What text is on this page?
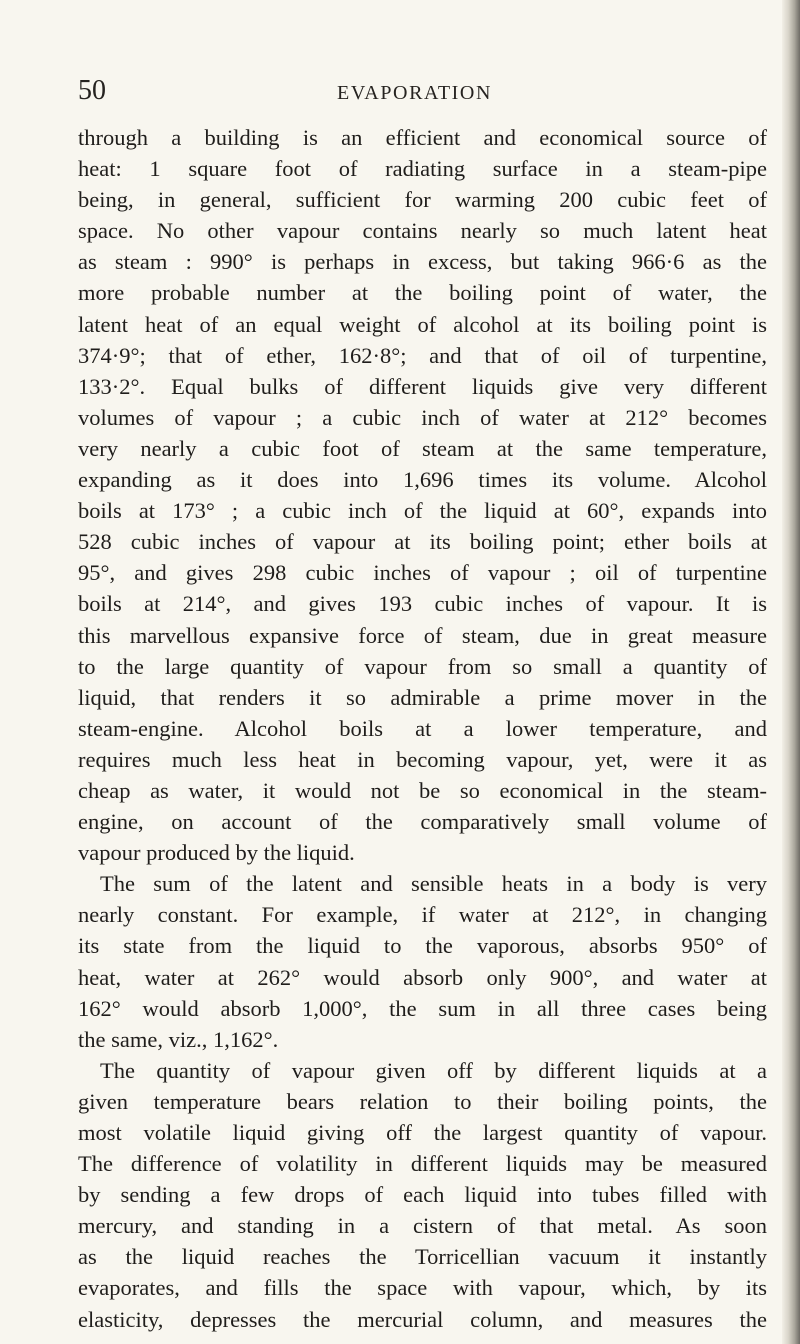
50	EVAPORATION
through a building is an efficient and economical source of
heat: 1 square foot of radiating surface in a steam-pipe
being, in general, sufficient for warming 200 cubic feet of
space. No other vapour contains nearly so much latent heat
as steam : 990° is perhaps in excess, but taking 966·6 as the
more probable number at the boiling point of water, the
latent heat of an equal weight of alcohol at its boiling point is
374·9°; that of ether, 162·8°; and that of oil of turpentine,
133·2°. Equal bulks of different liquids give very different
volumes of vapour ; a cubic inch of water at 212° becomes
very nearly a cubic foot of steam at the same temperature,
expanding as it does into 1,696 times its volume. Alcohol
boils at 173° ; a cubic inch of the liquid at 60°, expands into
528 cubic inches of vapour at its boiling point; ether boils at
95°, and gives 298 cubic inches of vapour ; oil of turpentine
boils at 214°, and gives 193 cubic inches of vapour. It is
this marvellous expansive force of steam, due in great measure
to the large quantity of vapour from so small a quantity of
liquid, that renders it so admirable a prime mover in the
steam-engine. Alcohol boils at a lower temperature, and
requires much less heat in becoming vapour, yet, were it as
cheap as water, it would not be so economical in the steam-
engine, on account of the comparatively small volume of
vapour produced by the liquid.
The sum of the latent and sensible heats in a body is very
nearly constant. For example, if water at 212°, in changing
its state from the liquid to the vaporous, absorbs 950° of
heat, water at 262° would absorb only 900°, and water at
162° would absorb 1,000°, the sum in all three cases being
the same, viz., 1,162°.
The quantity of vapour given off by different liquids at a
given temperature bears relation to their boiling points, the
most volatile liquid giving off the largest quantity of vapour.
The difference of volatility in different liquids may be measured
by sending a few drops of each liquid into tubes filled with
mercury, and standing in a cistern of that metal. As soon
as the liquid reaches the Torricellian vacuum it instantly
evaporates, and fills the space with vapour, which, by its
elasticity, depresses the mercurial column, and measures the
